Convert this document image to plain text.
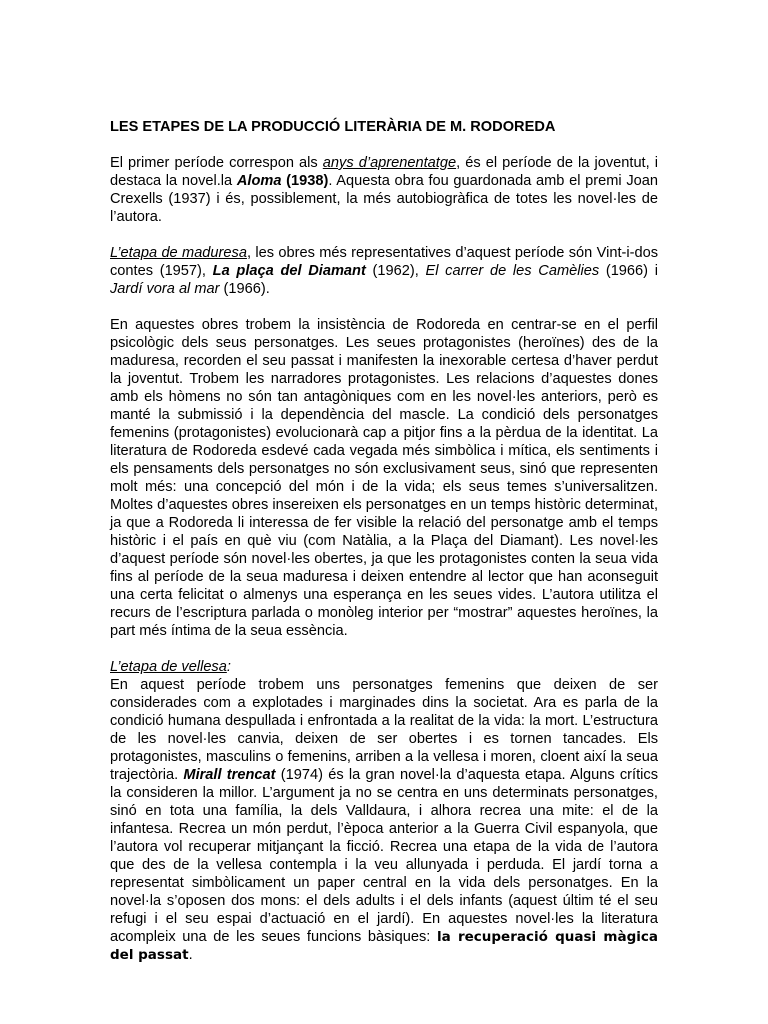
LES ETAPES DE LA PRODUCCIÓ LITERÀRIA DE M. RODOREDA

El primer període correspon als anys d’aprenentatge, és el període de la joventut, i destaca la novel.la Aloma (1938). Aquesta obra fou guardonada amb el premi Joan Crexells (1937) i és, possiblement, la més autobiogràfica de totes les novel·les de l’autora.

L’etapa de maduresa, les obres més representatives d’aquest període són Vint-i-dos contes (1957), La plaça del Diamant (1962), El carrer de les Camèlies (1966) i Jardí vora al mar (1966).

En aquestes obres trobem la insistència de Rodoreda en centrar-se en el perfil psicològic dels seus personatges. Les seues protagonistes (heroïnes) des de la maduresa, recorden el seu passat i manifesten la inexorable certesa d’haver perdut la joventut. Trobem les narradores protagonistes. Les relacions d’aquestes dones amb els hòmens no són tan antagòniques com en les novel·les anteriors, però es manté la submissió i la dependència del mascle. La condició dels personatges femenins (protagonistes) evolucionarà cap a pitjor fins a la pèrdua de la identitat. La literatura de Rodoreda esdevé cada vegada més simbòlica i mítica, els sentiments i els pensaments dels personatges no són exclusivament seus, sinó que representen molt més: una concepció del món i de la vida; els seus temes s’universalitzen. Moltes d’aquestes obres insereixen els personatges en un temps històric determinat, ja que a Rodoreda li interessa de fer visible la relació del personatge amb el temps històric i el país en què viu (com Natàlia, a la Plaça del Diamant). Les novel·les d’aquest període són novel·les obertes, ja que les protagonistes conten la seua vida fins al període de la seua maduresa i deixen entendre al lector que han aconseguit una certa felicitat o almenys una esperança en les seues vides. L’autora utilitza el recurs de l’escriptura parlada o monòleg interior per “mostrar” aquestes heroïnes, la part més íntima de la seua essència.

L’etapa de vellesa:
En aquest període trobem uns personatges femenins que deixen de ser considerades com a explotades i marginades dins la societat. Ara es parla de la condició humana despullada i enfrontada a la realitat de la vida: la mort. L’estructura de les novel·les canvia, deixen de ser obertes i es tornen tancades. Els protagonistes, masculins o femenins, arriben a la vellesa i moren, cloent així la seua trajectòria. Mirall trencat (1974) és la gran novel·la d’aquesta etapa. Alguns crítics la consideren la millor. L’argument ja no se centra en uns determinats personatges, sinó en tota una família, la dels Valldaura, i alhora recrea una mite: el de la infantesa. Recrea un món perdut, l’època anterior a la Guerra Civil espanyola, que l’autora vol recuperar mitjançant la ficció. Recrea una etapa de la vida de l’autora que des de la vellesa contempla i la veu allunyada i perduda. El jardí torna a representat simbòlicament un paper central en la vida dels personatges. En la novel·la s’oposen dos mons: el dels adults i el dels infants (aquest últim té el seu refugi i el seu espai d’actuació en el jardí). En aquestes novel·les la literatura acompleix una de les seues funcions bàsiques: la recuperació quasi màgica del passat.
